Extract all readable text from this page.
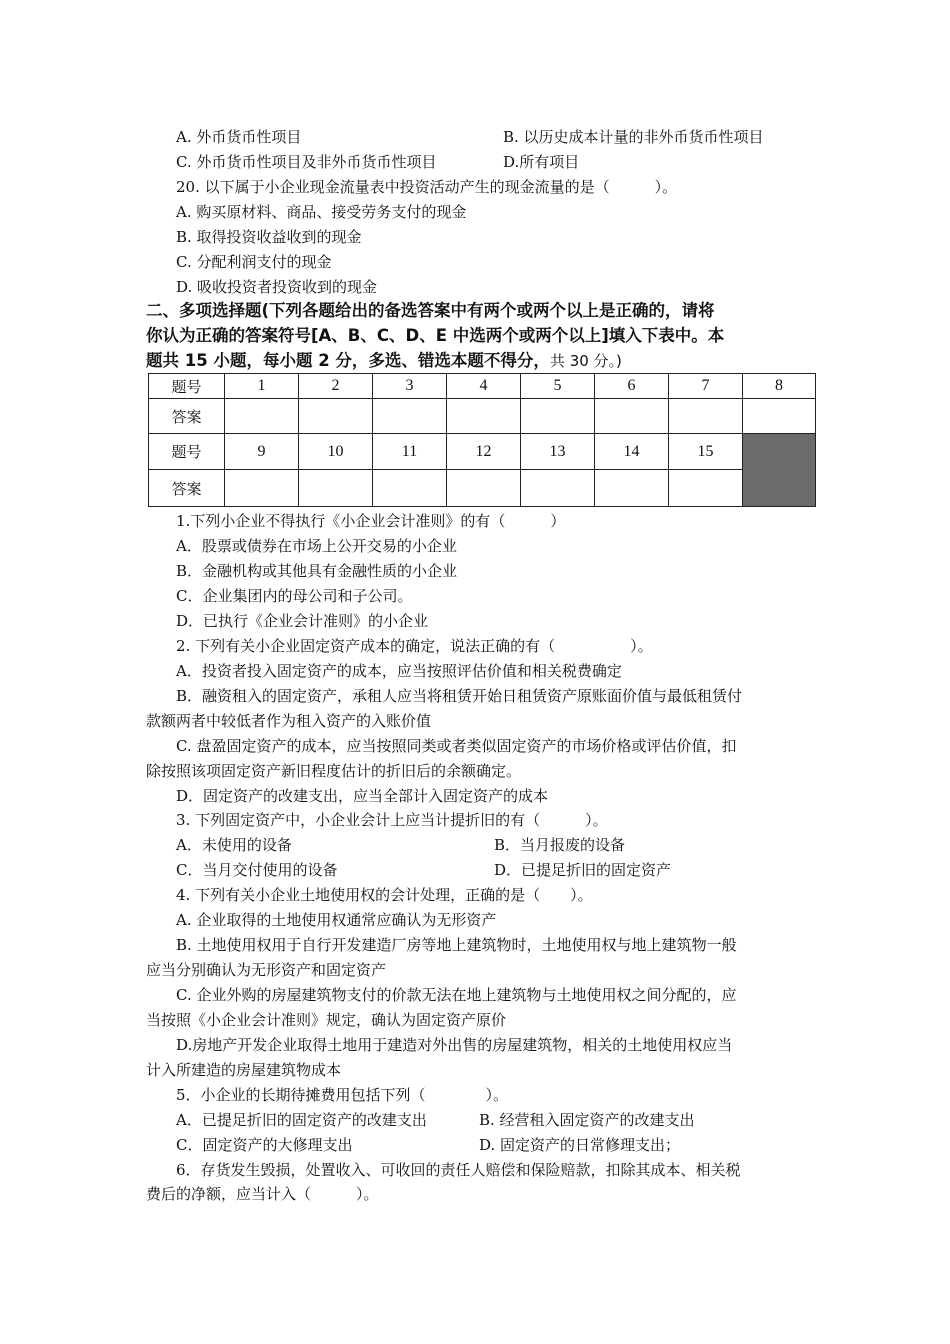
A. 外币货币性项目	B. 以历史成本计量的非外币货币性项目
C. 外币货币性项目及非外币货币性项目	D.所有项目
20. 以下属于小企业现金流量表中投资活动产生的现金流量的是（　　　）。
A. 购买原材料、商品、接受劳务支付的现金
B. 取得投资收益收到的现金
C. 分配利润支付的现金
D. 吸收投资者投资收到的现金
二、多项选择题(下列各题给出的备选答案中有两个或两个以上是正确的，请将
你认为正确的答案符号[A、B、C、D、E 中选两个或两个以上]填入下表中。本
题共 15 小题，每小题 2 分，多选、错选本题不得分，共 30 分。)
题号	1	2	3	4	5	6	7	8
答案								
题号	9	10	11	12	13	14	15	
答案								
1.下列小企业不得执行《小企业会计准则》的有（　　　）
A．股票或债券在市场上公开交易的小企业
B．金融机构或其他具有金融性质的小企业
C．企业集团内的母公司和子公司。
D．已执行《企业会计准则》的小企业
2. 下列有关小企业固定资产成本的确定，说法正确的有（　　　　　）。
A．投资者投入固定资产的成本，应当按照评估价值和相关税费确定
B．融资租入的固定资产，承租人应当将租赁开始日租赁资产原账面价值与最低租赁付
款额两者中较低者作为租入资产的入账价值
C. 盘盈固定资产的成本，应当按照同类或者类似固定资产的市场价格或评估价值，扣
除按照该项固定资产新旧程度估计的折旧后的余额确定。
D．固定资产的改建支出，应当全部计入固定资产的成本
3. 下列固定资产中，小企业会计上应当计提折旧的有（　　　）。
A．未使用的设备	B．当月报废的设备
C．当月交付使用的设备	D．已提足折旧的固定资产
4. 下列有关小企业土地使用权的会计处理，正确的是（　　）。
A. 企业取得的土地使用权通常应确认为无形资产
B. 土地使用权用于自行开发建造厂房等地上建筑物时，土地使用权与地上建筑物一般
应当分别确认为无形资产和固定资产
C. 企业外购的房屋建筑物支付的价款无法在地上建筑物与土地使用权之间分配的，应
当按照《小企业会计准则》规定，确认为固定资产原价
D.房地产开发企业取得土地用于建造对外出售的房屋建筑物，相关的土地使用权应当
计入所建造的房屋建筑物成本
5．小企业的长期待摊费用包括下列（　　　　）。
A．已提足折旧的固定资产的改建支出	B. 经营租入固定资产的改建支出
C．固定资产的大修理支出	D. 固定资产的日常修理支出；
6．存货发生毁损，处置收入、可收回的责任人赔偿和保险赔款，扣除其成本、相关税
费后的净额，应当计入（　　　）。
